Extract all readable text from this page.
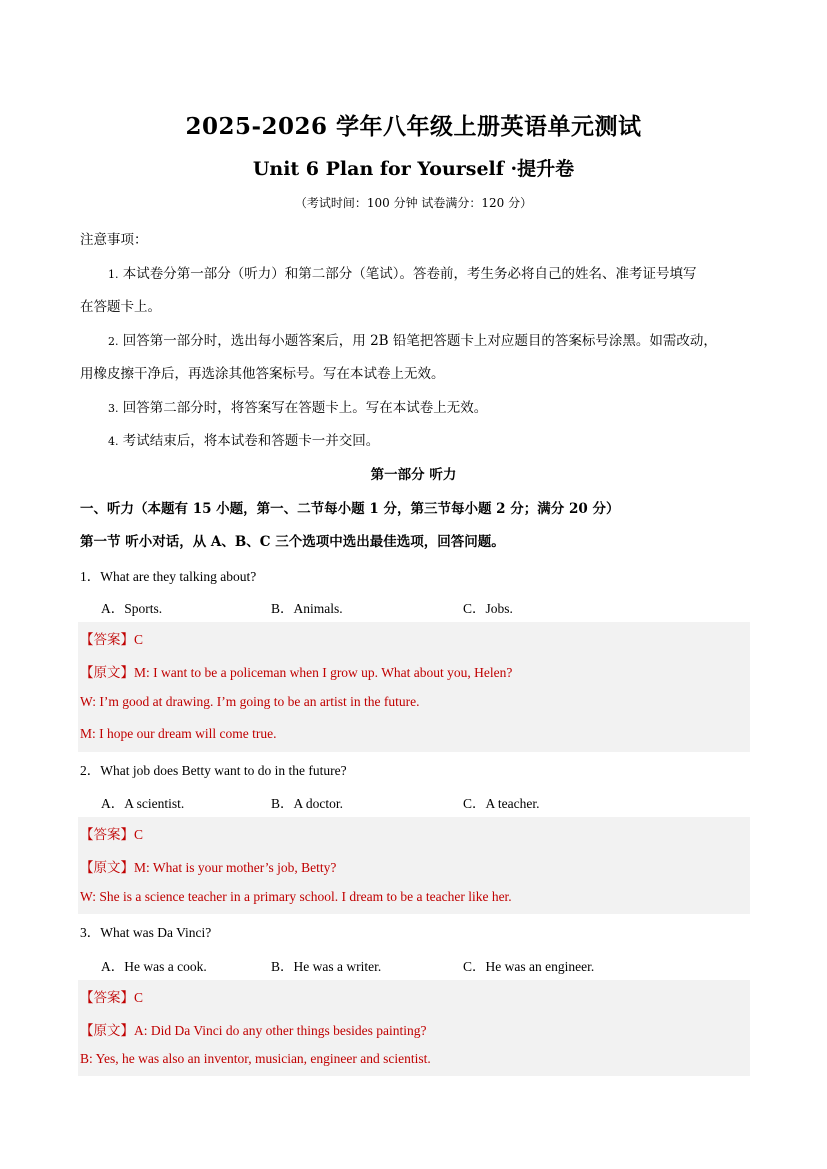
2025-2026 学年八年级上册英语单元测试
Unit 6 Plan for Yourself ·提升卷
（考试时间：100 分钟 试卷满分：120 分）
注意事项：
1. 本试卷分第一部分（听力）和第二部分（笔试）。答卷前，考生务必将自己的姓名、准考证号填写
在答题卡上。
2. 回答第一部分时，选出每小题答案后，用 2B 铅笔把答题卡上对应题目的答案标号涂黑。如需改动，
用橡皮擦干净后，再选涂其他答案标号。写在本试卷上无效。
3. 回答第二部分时，将答案写在答题卡上。写在本试卷上无效。
4. 考试结束后，将本试卷和答题卡一并交回。
第一部分 听力
一、听力（本题有 15 小题，第一、二节每小题 1 分，第三节每小题 2 分；满分 20 分）
第一节 听小对话，从 A、B、C 三个选项中选出最佳选项，回答问题。
1．What are they talking about?
A．Sports.	B．Animals.	C．Jobs.
【答案】C
【原文】M: I want to be a policeman when I grow up. What about you, Helen?
W: I’m good at drawing. I’m going to be an artist in the future.
M: I hope our dream will come true.
2．What job does Betty want to do in the future?
A．A scientist.	B．A doctor.	C．A teacher.
【答案】C
【原文】M: What is your mother’s job, Betty?
W: She is a science teacher in a primary school. I dream to be a teacher like her.
3．What was Da Vinci?
A．He was a cook.	B．He was a writer.	C．He was an engineer.
【答案】C
【原文】A: Did Da Vinci do any other things besides painting?
B: Yes, he was also an inventor, musician, engineer and scientist.
